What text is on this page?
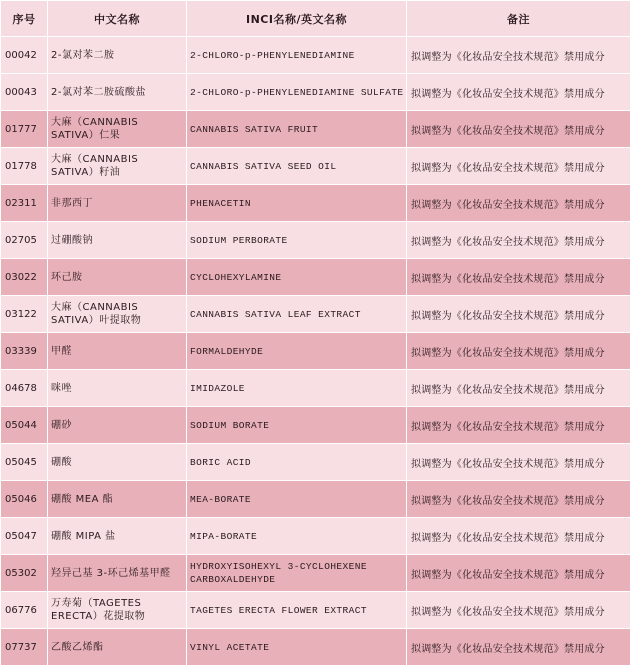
序号	中文名称	INCI名称/英文名称	备注
00042	2-氯对苯二胺	2-CHLORO-p-PHENYLENEDIAMINE	拟调整为《化妆品安全技术规范》禁用成分
00043	2-氯对苯二胺硫酸盐	2-CHLORO-p-PHENYLENEDIAMINE SULFATE	拟调整为《化妆品安全技术规范》禁用成分
01777	大麻（CANNABIS SATIVA）仁果	CANNABIS SATIVA FRUIT	拟调整为《化妆品安全技术规范》禁用成分
01778	大麻（CANNABIS SATIVA）籽油	CANNABIS SATIVA SEED OIL	拟调整为《化妆品安全技术规范》禁用成分
02311	非那西丁	PHENACETIN	拟调整为《化妆品安全技术规范》禁用成分
02705	过硼酸钠	SODIUM PERBORATE	拟调整为《化妆品安全技术规范》禁用成分
03022	环己胺	CYCLOHEXYLAMINE	拟调整为《化妆品安全技术规范》禁用成分
03122	大麻（CANNABIS SATIVA）叶提取物	CANNABIS SATIVA LEAF EXTRACT	拟调整为《化妆品安全技术规范》禁用成分
03339	甲醛	FORMALDEHYDE	拟调整为《化妆品安全技术规范》禁用成分
04678	咪唑	IMIDAZOLE	拟调整为《化妆品安全技术规范》禁用成分
05044	硼砂	SODIUM BORATE	拟调整为《化妆品安全技术规范》禁用成分
05045	硼酸	BORIC ACID	拟调整为《化妆品安全技术规范》禁用成分
05046	硼酸 MEA 酯	MEA-BORATE	拟调整为《化妆品安全技术规范》禁用成分
05047	硼酸 MIPA 盐	MIPA-BORATE	拟调整为《化妆品安全技术规范》禁用成分
05302	羟异己基 3-环己烯基甲醛	HYDROXYISOHEXYL 3-CYCLOHEXENE CARBOXALDEHYDE	拟调整为《化妆品安全技术规范》禁用成分
06776	万寿菊（TAGETES ERECTA）花提取物	TAGETES ERECTA FLOWER EXTRACT	拟调整为《化妆品安全技术规范》禁用成分
07737	乙酸乙烯酯	VINYL ACETATE	拟调整为《化妆品安全技术规范》禁用成分
